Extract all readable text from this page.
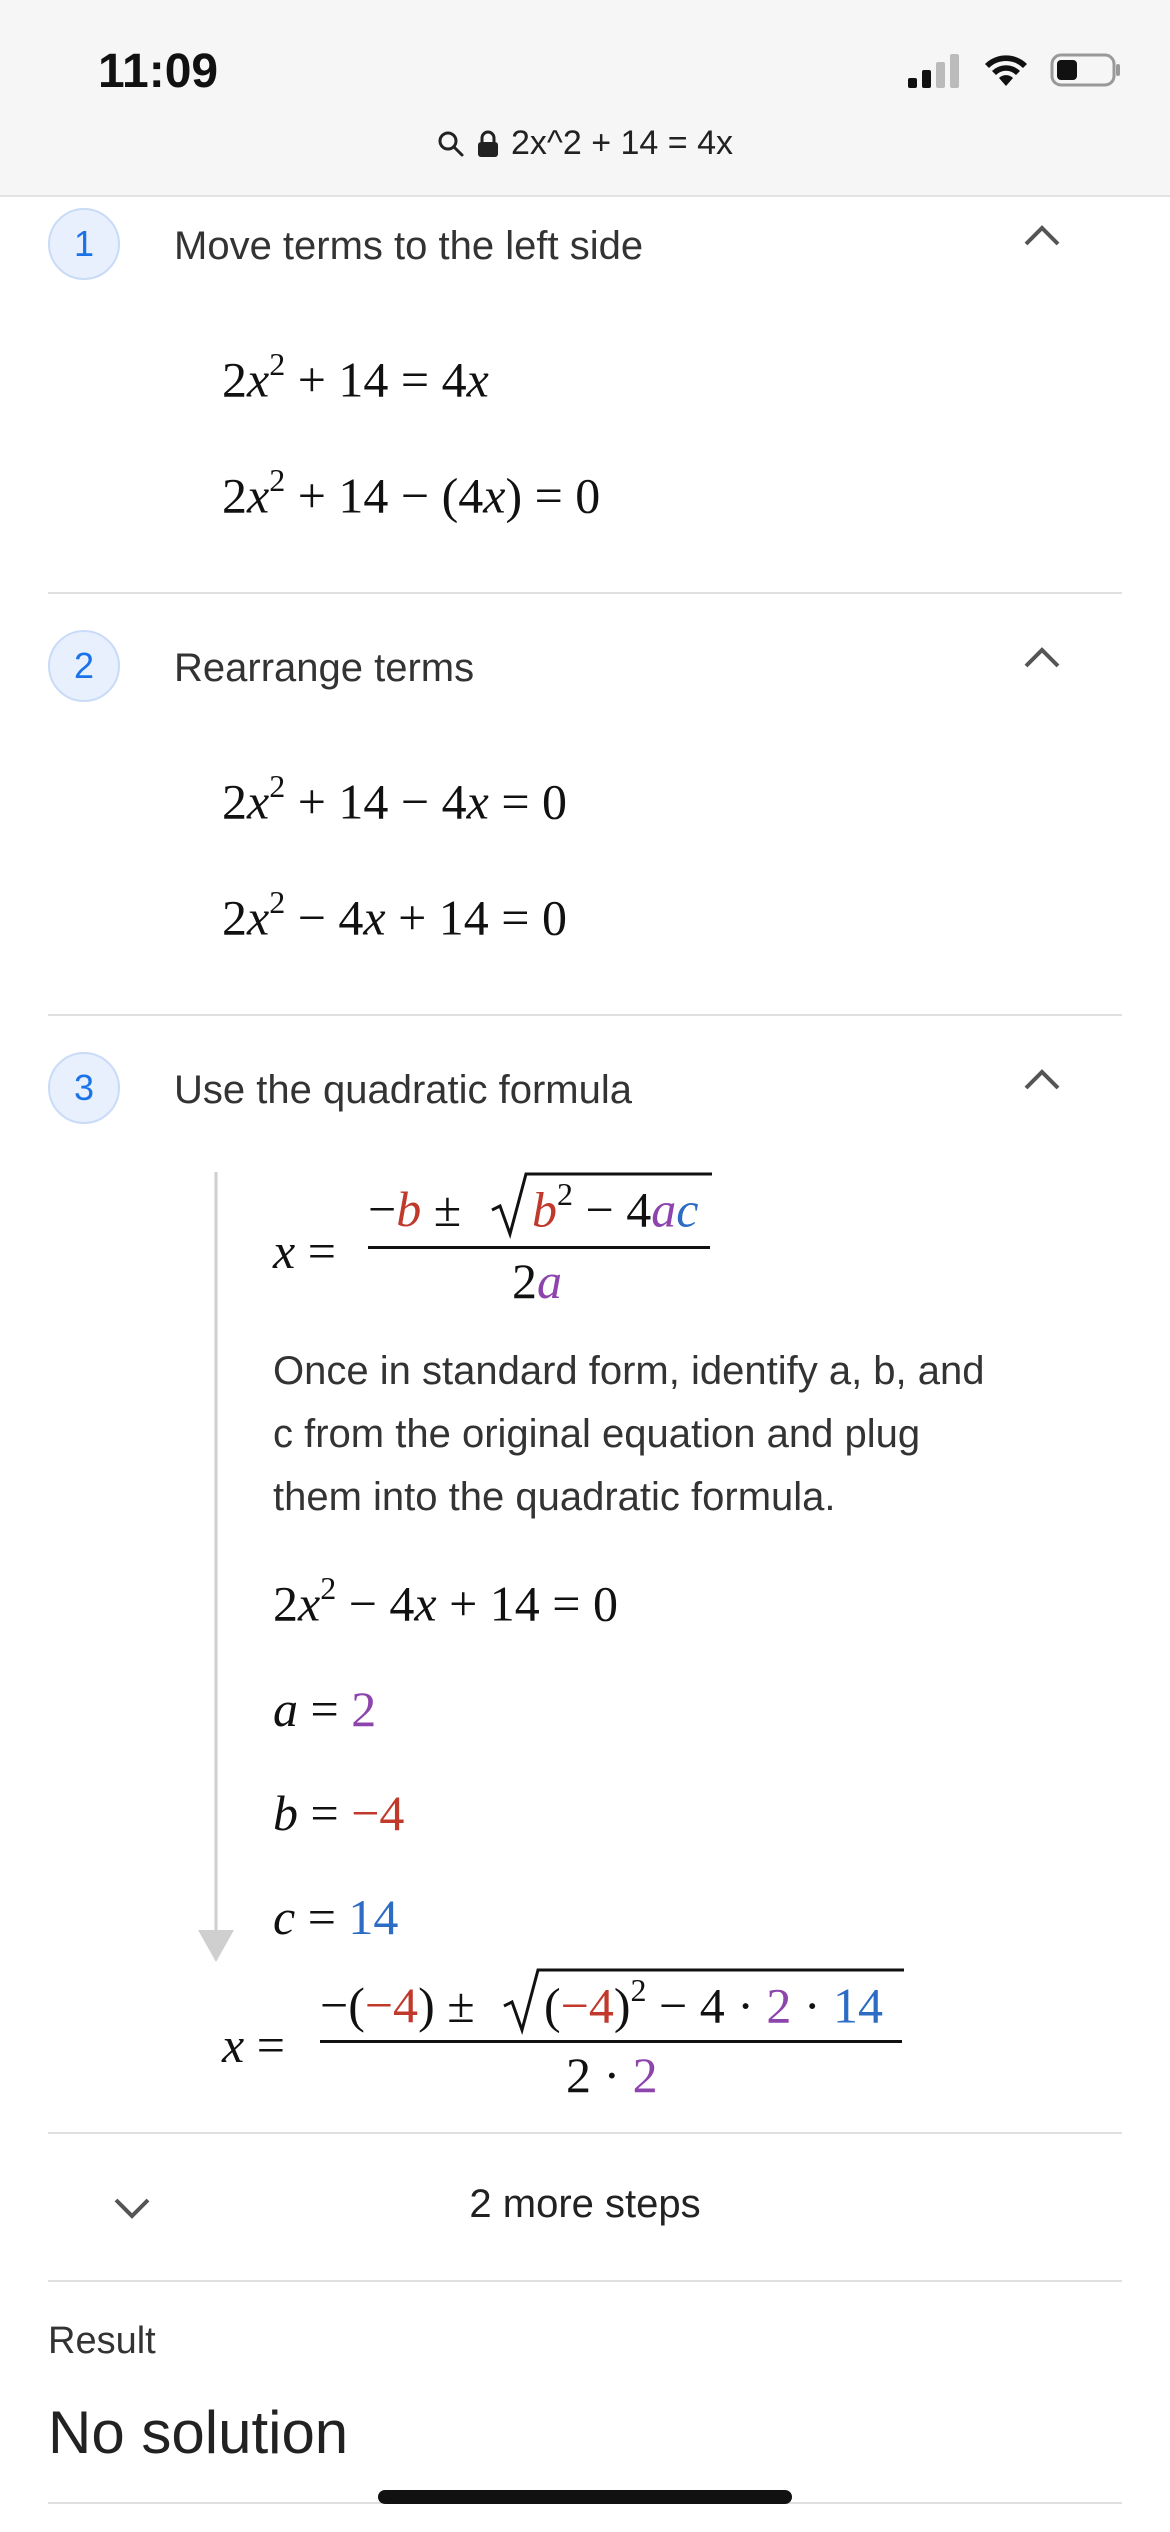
11:09
2x^2 + 14 = 4x
1	Move terms to the left side
$2x^2 + 14 = 4x$
$2x^2 + 14 - (4x) = 0$
2	Rearrange terms
$2x^2 + 14 - 4x = 0$
$2x^2 - 4x + 14 = 0$
3	Use the quadratic formula
x =
$-b \pm b^2 - 4ac$
2a
Once in standard form, identify a, b, and c from the original equation and plug them into the quadratic formula.
$2x^2 - 4x + 14 = 0$
a = 2
b = −4
c = 14
x =
$-(-4) \pm (-4)^2 - 4 \cdot 2 \cdot 14$
2 · 2
2 more steps
Result
No solution
